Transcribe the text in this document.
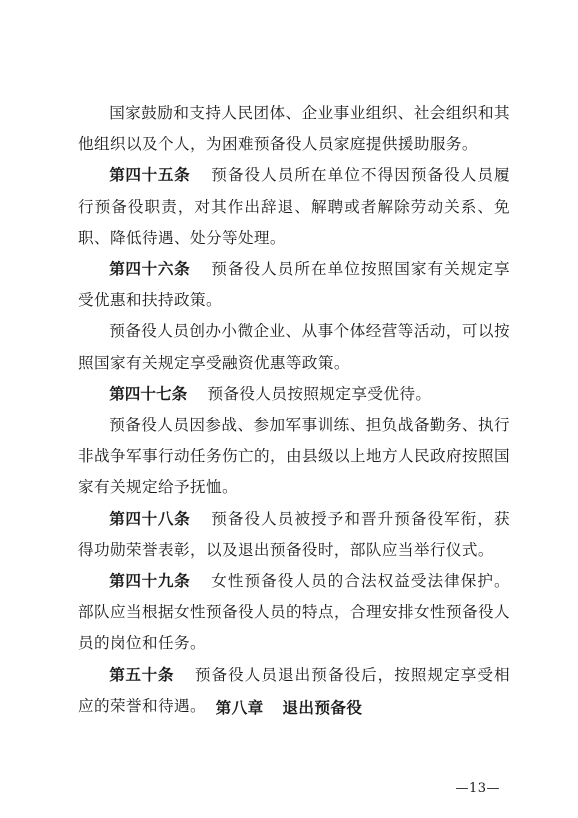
国家鼓励和支持人民团体、企业事业组织、社会组织和其他组织以及个人，为困难预备役人员家庭提供援助服务。

第四十五条 预备役人员所在单位不得因预备役人员履行预备役职责，对其作出辞退、解聘或者解除劳动关系、免职、降低待遇、处分等处理。

第四十六条 预备役人员所在单位按照国家有关规定享受优惠和扶持政策。

预备役人员创办小微企业、从事个体经营等活动，可以按照国家有关规定享受融资优惠等政策。

第四十七条 预备役人员按照规定享受优待。

预备役人员因参战、参加军事训练、担负战备勤务、执行非战争军事行动任务伤亡的，由县级以上地方人民政府按照国家有关规定给予抚恤。

第四十八条 预备役人员被授予和晋升预备役军衔，获得功勋荣誉表彰，以及退出预备役时，部队应当举行仪式。

第四十九条 女性预备役人员的合法权益受法律保护。部队应当根据女性预备役人员的特点，合理安排女性预备役人员的岗位和任务。

第五十条 预备役人员退出预备役后，按照规定享受相应的荣誉和待遇。 第八章 退出预备役
—13—
